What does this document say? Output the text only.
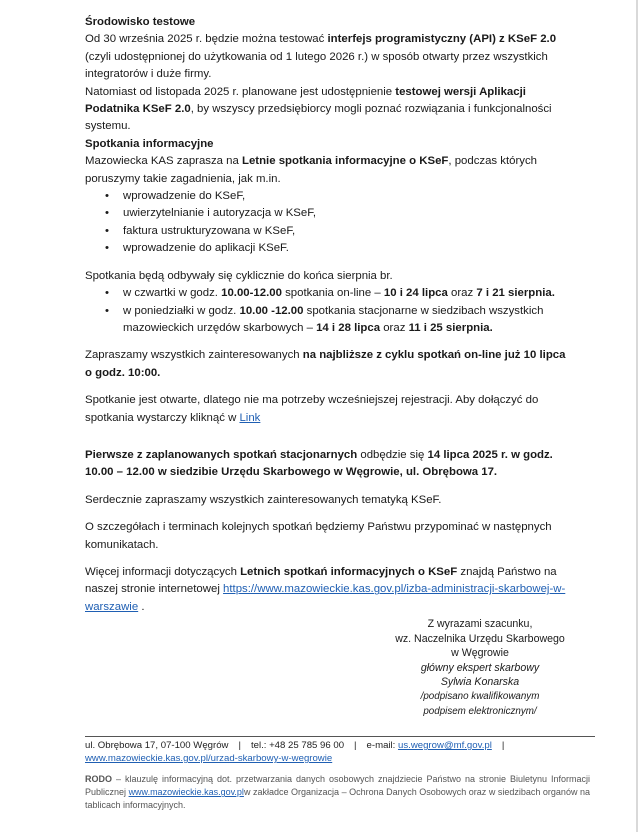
Środowisko testowe

Od 30 września 2025 r. będzie można testować interfejs programistyczny (API) z KSeF 2.0 (czyli udostępnionej do użytkowania od 1 lutego 2026 r.) w sposób otwarty przez wszystkich integratorów i duże firmy.

Natomiast od listopada 2025 r. planowane jest udostępnienie testowej wersji Aplikacji Podatnika KSeF 2.0, by wszyscy przedsiębiorcy mogli poznać rozwiązania i funkcjonalności systemu.

Spotkania informacyjne

Mazowiecka KAS zaprasza na Letnie spotkania informacyjne o KSeF, podczas których poruszymy takie zagadnienia, jak m.in.

• wprowadzenie do KSeF,
• uwierzytelnianie i autoryzacja w KSeF,
• faktura ustrukturyzowana w KSeF,
• wprowadzenie do aplikacji KSeF.

Spotkania będą odbywały się cyklicznie do końca sierpnia br.

• w czwartki w godz. 10.00-12.00 spotkania on-line – 10 i 24 lipca oraz 7 i 21 sierpnia.
• w poniedziałki w godz. 10.00 -12.00 spotkania stacjonarne w siedzibach wszystkich mazowieckich urzędów skarbowych – 14 i 28 lipca oraz 11 i 25 sierpnia.

Zapraszamy wszystkich zainteresowanych na najbliższe z cyklu spotkań on-line już 10 lipca o godz. 10:00.

Spotkanie jest otwarte, dlatego nie ma potrzeby wcześniejszej rejestracji. Aby dołączyć do spotkania wystarczy kliknąć w Link

Pierwsze z zaplanowanych spotkań stacjonarnych odbędzie się 14 lipca 2025 r. w godz. 10.00 – 12.00 w siedzibie Urzędu Skarbowego w Węgrowie, ul. Obrębowa 17.

Serdecznie zapraszamy wszystkich zainteresowanych tematyką KSeF.

O szczegółach i terminach kolejnych spotkań będziemy Państwu przypominać w następnych komunikatach.

Więcej informacji dotyczących Letnich spotkań informacyjnych o KSeF znajdą Państwo na naszej stronie internetowej https://www.mazowieckie.kas.gov.pl/izba-administracji-skarbowej-w-warszawie .

Z wyrazami szacunku,
wz. Naczelnika Urzędu Skarbowego
w Węgrowie
główny ekspert skarbowy
Sylwia Konarska
/podpisano kwalifikowanym
podpisem elektronicznym/
ul. Obrębowa 17, 07-100 Węgrów | tel.: +48 25 785 96 00 | e-mail: us.wegrow@mf.gov.pl |
www.mazowieckie.kas.gov.pl/urzad-skarbowy-w-wegrowie
RODO – klauzulę informacyjną dot. przetwarzania danych osobowych znajdziecie Państwo na stronie Biuletynu Informacji Publicznej www.mazowieckie.kas.gov.plw zakładce Organizacja – Ochrona Danych Osobowych oraz w siedzibach organów na tablicach informacyjnych.
